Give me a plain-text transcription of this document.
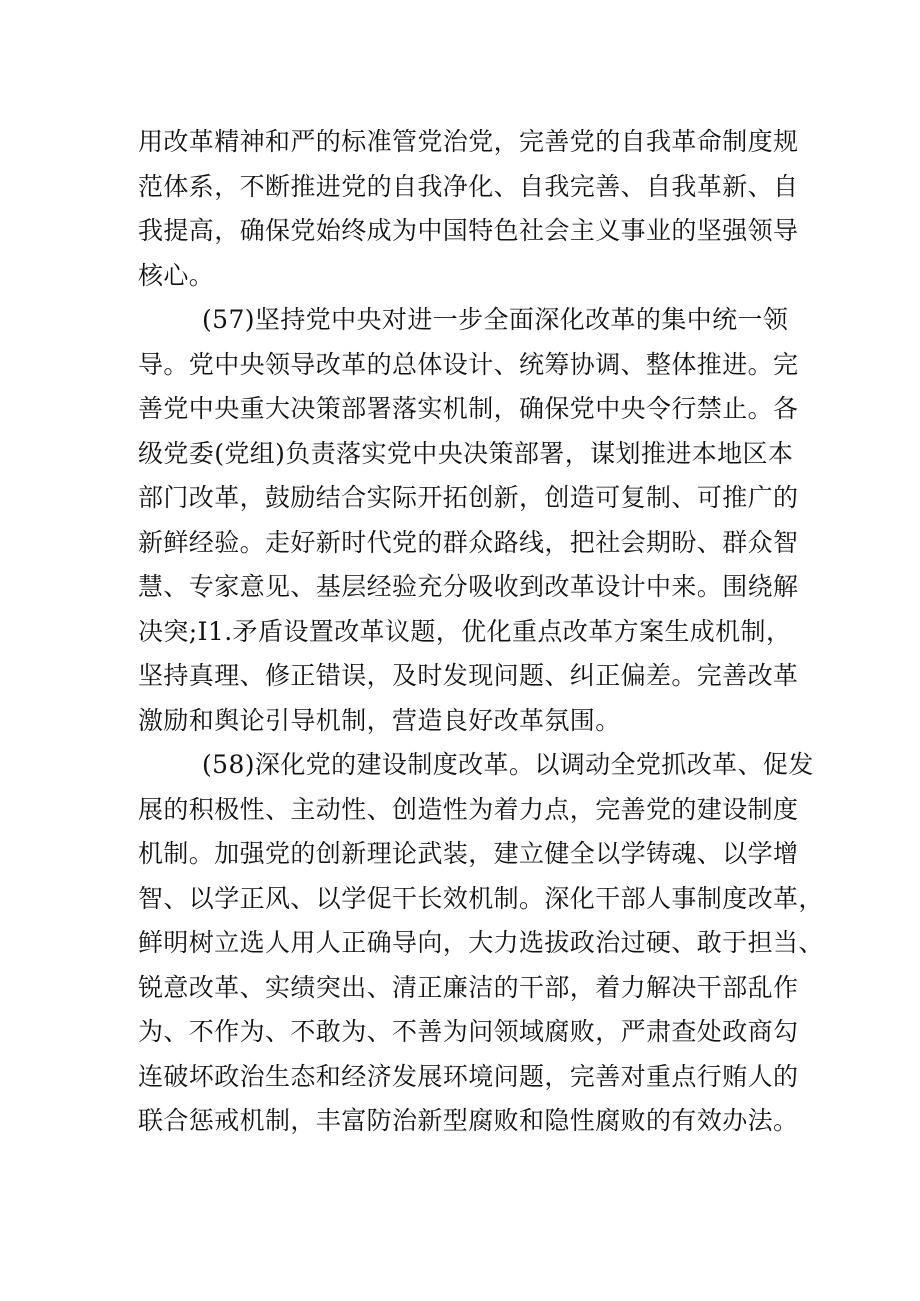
用改革精神和严的标准管党治党，完善党的自我革命制度规
范体系，不断推进党的自我净化、自我完善、自我革新、自
我提高，确保党始终成为中国特色社会主义事业的坚强领导
核心。

(57)坚持党中央对进一步全面深化改革的集中统一领
导。党中央领导改革的总体设计、统筹协调、整体推进。完
善党中央重大决策部署落实机制，确保党中央令行禁止。各
级党委(党组)负责落实党中央决策部署，谋划推进本地区本
部门改革，鼓励结合实际开拓创新，创造可复制、可推广的
新鲜经验。走好新时代党的群众路线，把社会期盼、群众智
慧、专家意见、基层经验充分吸收到改革设计中来。围绕解
决突;I1.矛盾设置改革议题，优化重点改革方案生成机制，
坚持真理、修正错误，及时发现问题、纠正偏差。完善改革
激励和舆论引导机制，营造良好改革氛围。

(58)深化党的建设制度改革。以调动全党抓改革、促发
展的积极性、主动性、创造性为着力点，完善党的建设制度
机制。加强党的创新理论武装，建立健全以学铸魂、以学增
智、以学正风、以学促干长效机制。深化干部人事制度改革，
鲜明树立选人用人正确导向，大力选拔政治过硬、敢于担当、
锐意改革、实绩突出、清正廉洁的干部，着力解决干部乱作
为、不作为、不敢为、不善为问领域腐败，严肃查处政商勾
连破坏政治生态和经济发展环境问题，完善对重点行贿人的
联合惩戒机制，丰富防治新型腐败和隐性腐败的有效办法。
